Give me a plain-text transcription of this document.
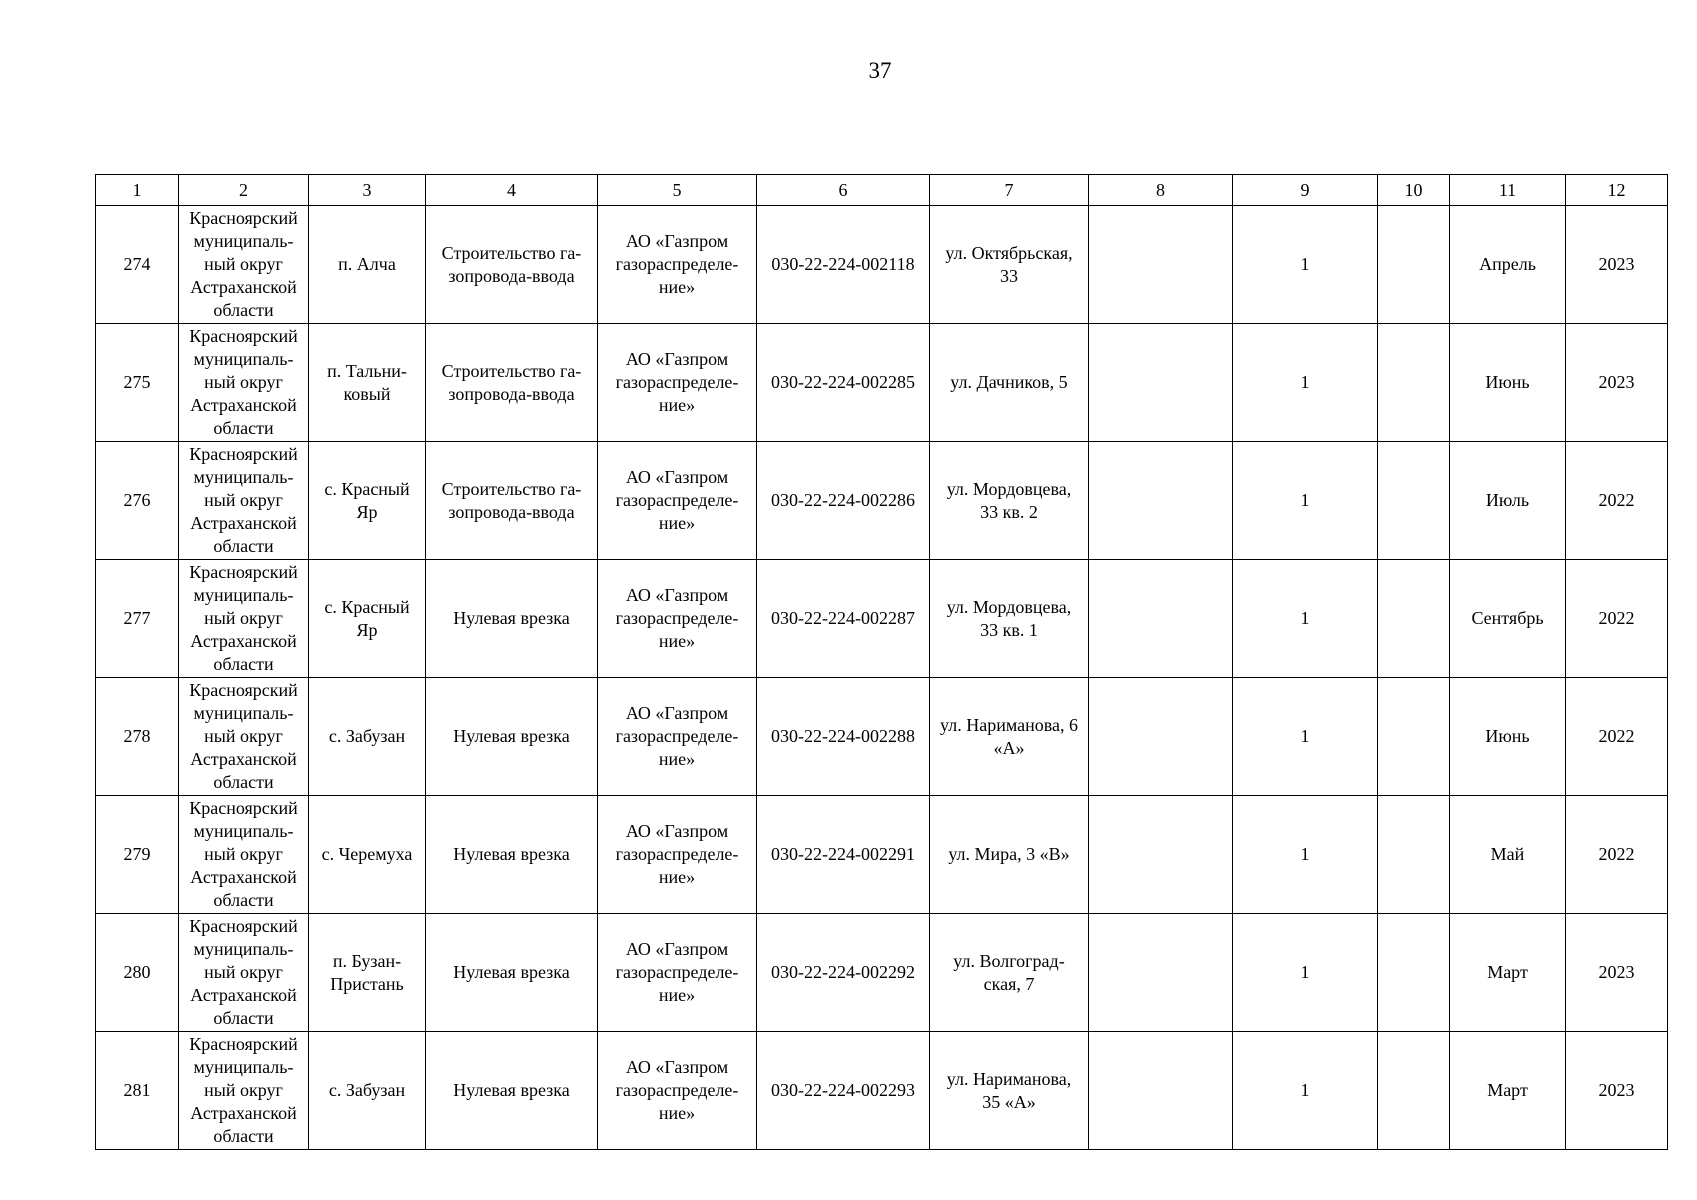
37
1	2	3	4	5	6	7	8	9	10	11	12
274	Красноярский
муниципаль-
ный округ
Астраханской
области	п. Алча	Строительство га-
зопровода-ввода	АО «Газпром
газораспределе-
ние»	030-22-224-002118	ул. Октябрьская,
33		1		Апрель	2023
275	Красноярский
муниципаль-
ный округ
Астраханской
области	п. Тальни-
ковый	Строительство га-
зопровода-ввода	АО «Газпром
газораспределе-
ние»	030-22-224-002285	ул. Дачников, 5		1		Июнь	2023
276	Красноярский
муниципаль-
ный округ
Астраханской
области	с. Красный
Яр	Строительство га-
зопровода-ввода	АО «Газпром
газораспределе-
ние»	030-22-224-002286	ул. Мордовцева,
33 кв. 2		1		Июль	2022
277	Красноярский
муниципаль-
ный округ
Астраханской
области	с. Красный
Яр	Нулевая врезка	АО «Газпром
газораспределе-
ние»	030-22-224-002287	ул. Мордовцева,
33 кв. 1		1		Сентябрь	2022
278	Красноярский
муниципаль-
ный округ
Астраханской
области	с. Забузан	Нулевая врезка	АО «Газпром
газораспределе-
ние»	030-22-224-002288	ул. Нариманова, 6
«А»		1		Июнь	2022
279	Красноярский
муниципаль-
ный округ
Астраханской
области	с. Черемуха	Нулевая врезка	АО «Газпром
газораспределе-
ние»	030-22-224-002291	ул. Мира, 3 «В»		1		Май	2022
280	Красноярский
муниципаль-
ный округ
Астраханской
области	п. Бузан-
Пристань	Нулевая врезка	АО «Газпром
газораспределе-
ние»	030-22-224-002292	ул. Волгоград-
ская, 7		1		Март	2023
281	Красноярский
муниципаль-
ный округ
Астраханской
области	с. Забузан	Нулевая врезка	АО «Газпром
газораспределе-
ние»	030-22-224-002293	ул. Нариманова,
35 «А»		1		Март	2023
